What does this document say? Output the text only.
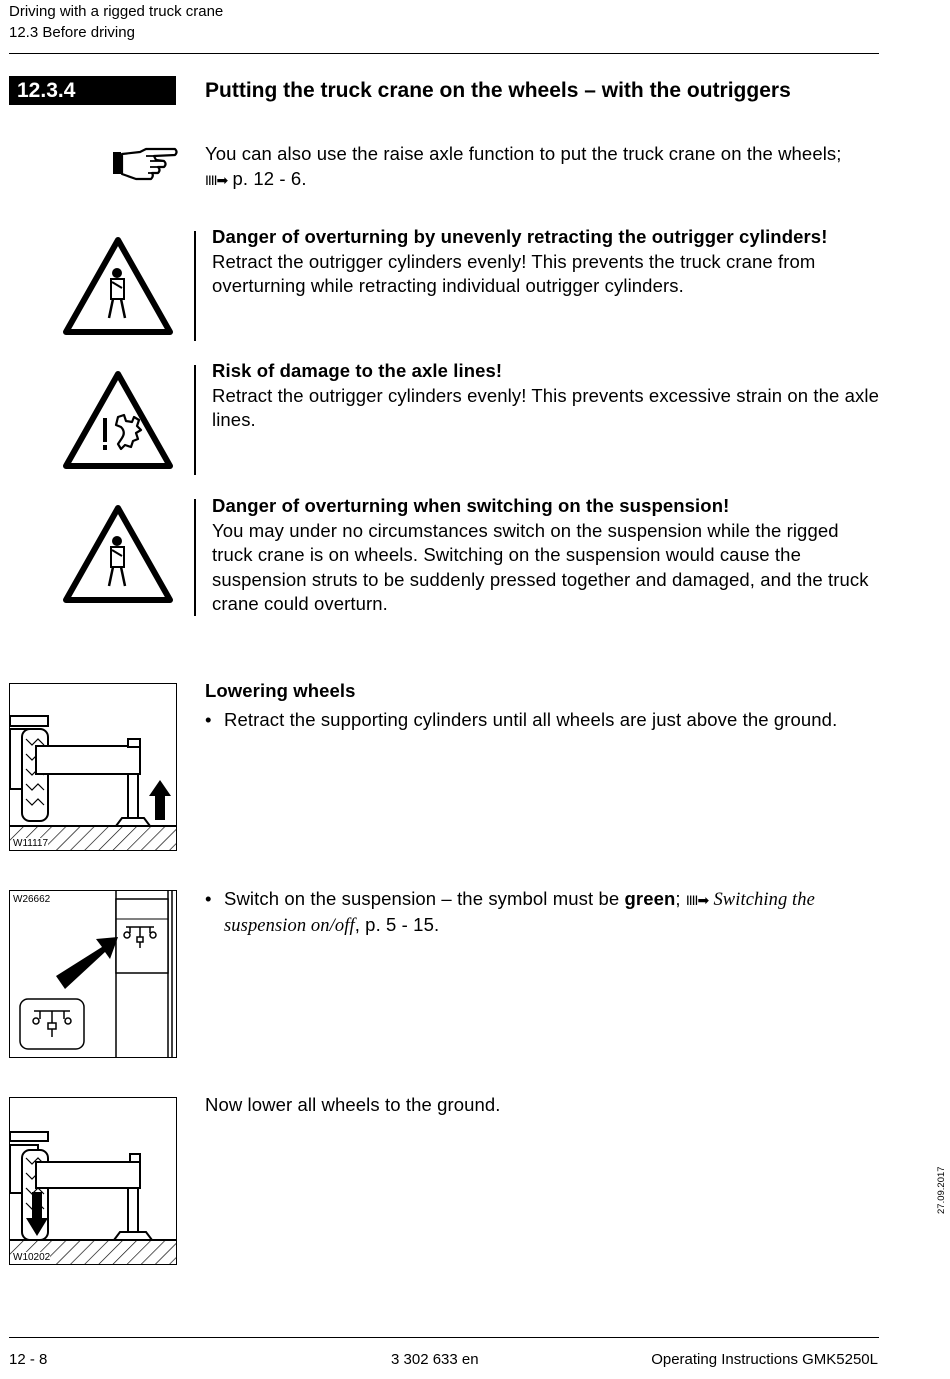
Driving with a rigged truck crane
12.3 Before driving
12.3.4	Putting the truck crane on the wheels – with the outriggers
You can also use the raise axle function to put the truck crane on the wheels;
IIII➡ p. 12 - 6.
Danger of overturning by unevenly retracting the outrigger cylinders!
Retract the outrigger cylinders evenly! This prevents the truck crane from overturning while retracting individual outrigger cylinders.
Risk of damage to the axle lines!
Retract the outrigger cylinders evenly! This prevents excessive strain on the axle lines.
Danger of overturning when switching on the suspension!
You may under no circumstances switch on the suspension while the rigged truck crane is on wheels. Switching on the suspension would cause the suspension struts to be suddenly pressed together and damaged, and the truck crane could overturn.
W11117
Lowering wheels
• Retract the supporting cylinders until all wheels are just above the ground.
W26662
•	Switch on the suspension – the symbol must be green; IIII➡ Switching the suspension on/off, p. 5 - 15.
W10202
Now lower all wheels to the ground.
27.09.2017
12 - 8	3 302 633 en	Operating Instructions GMK5250L
